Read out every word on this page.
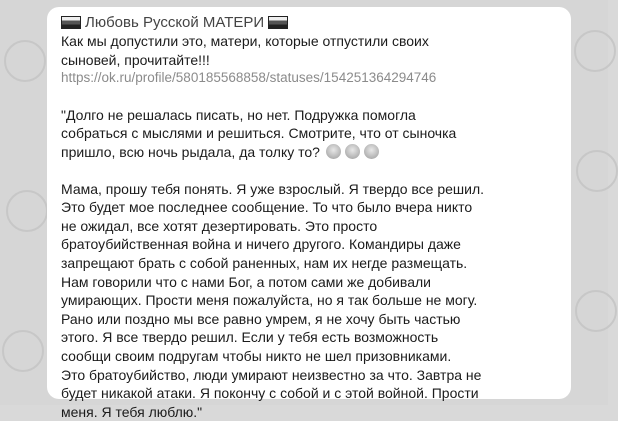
Любовь Русской МАТЕРИ

Как мы допустили это, матери, которые отпустили своих
сыновей, прочитайте!!!

https://ok.ru/profile/580185568858/statuses/154251364294746

"Долго не решалась писать, но нет. Подружка помогла
собраться с мыслями и решиться. Смотрите, что от сыночка
пришло, всю ночь рыдала, да толку то?

Мама, прошу тебя понять. Я уже взрослый. Я твердо все решил.
Это будет мое последнее сообщение. То что было вчера никто
не ожидал, все хотят дезертировать. Это просто
братоубийственная война и ничего другого. Командиры даже
запрещают брать с собой раненных, нам их негде размещать.
Нам говорили что с нами Бог, а потом сами же добивали
умирающих. Прости меня пожалуйста, но я так больше не могу.
Рано или поздно мы все равно умрем, я не хочу быть частью
этого. Я все твердо решил. Если у тебя есть возможность
сообщи своим подругам чтобы никто не шел призовниками.
Это братоубийство, люди умирают неизвестно за что. Завтра не
будет никакой атаки. Я покончу с собой и с этой войной. Прости
меня. Я тебя люблю."
